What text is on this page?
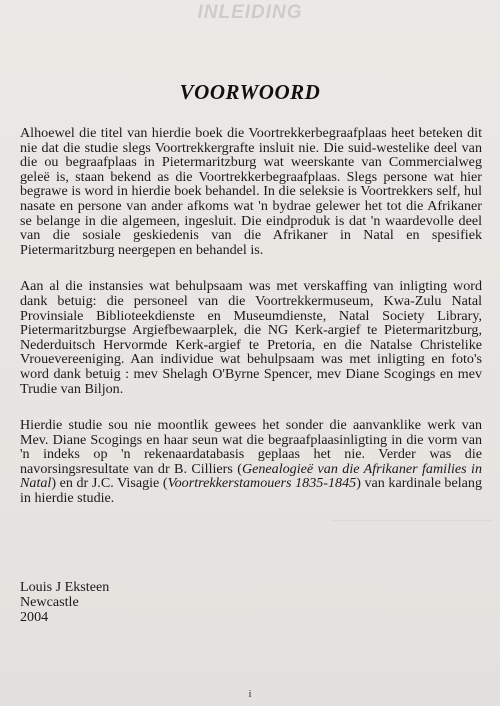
INLEIDING
VOORWOORD

Alhoewel die titel van hierdie boek die Voortrekkerbegraafplaas heet beteken dit nie dat die studie slegs Voortrekkergrafte insluit nie. Die suid-westelike deel van die ou begraafplaas in Pietermaritzburg wat weerskante van Commercialweg geleë is, staan bekend as die Voortrekkerbegraafplaas. Slegs persone wat hier begrawe is word in hierdie boek behandel. In die seleksie is Voortrekkers self, hul nasate en persone van ander afkoms wat 'n bydrae gelewer het tot die Afrikaner se belange in die algemeen, ingesluit. Die eindproduk is dat 'n waardevolle deel van die sosiale geskiedenis van die Afrikaner in Natal en spesifiek Pietermaritzburg neergepen en behandel is.

Aan al die instansies wat behulpsaam was met verskaffing van inligting word dank betuig: die personeel van die Voortrekkermuseum, Kwa-Zulu Natal Provinsiale Biblioteekdienste en Museumdienste, Natal Society Library, Pietermaritzburgse Argiefbewaarplek, die NG Kerk-argief te Pietermaritzburg, Nederduitsch Hervormde Kerk-argief te Pretoria, en die Natalse Christelike Vrouevereeniging. Aan individue wat behulpsaam was met inligting en foto's word dank betuig : mev Shelagh O'Byrne Spencer, mev Diane Scogings en mev Trudie van Biljon.

Hierdie studie sou nie moontlik gewees het sonder die aanvanklike werk van Mev. Diane Scogings en haar seun wat die begraafplaasinligting in die vorm van 'n indeks op 'n rekenaardatabasis geplaas het nie. Verder was die navorsingsresultate van dr B. Cilliers (Genealogieë van die Afrikaner families in Natal) en dr J.C. Visagie (Voortrekkerstamouers 1835-1845) van kardinale belang in hierdie studie.

Louis J Eksteen
Newcastle
2004
i
